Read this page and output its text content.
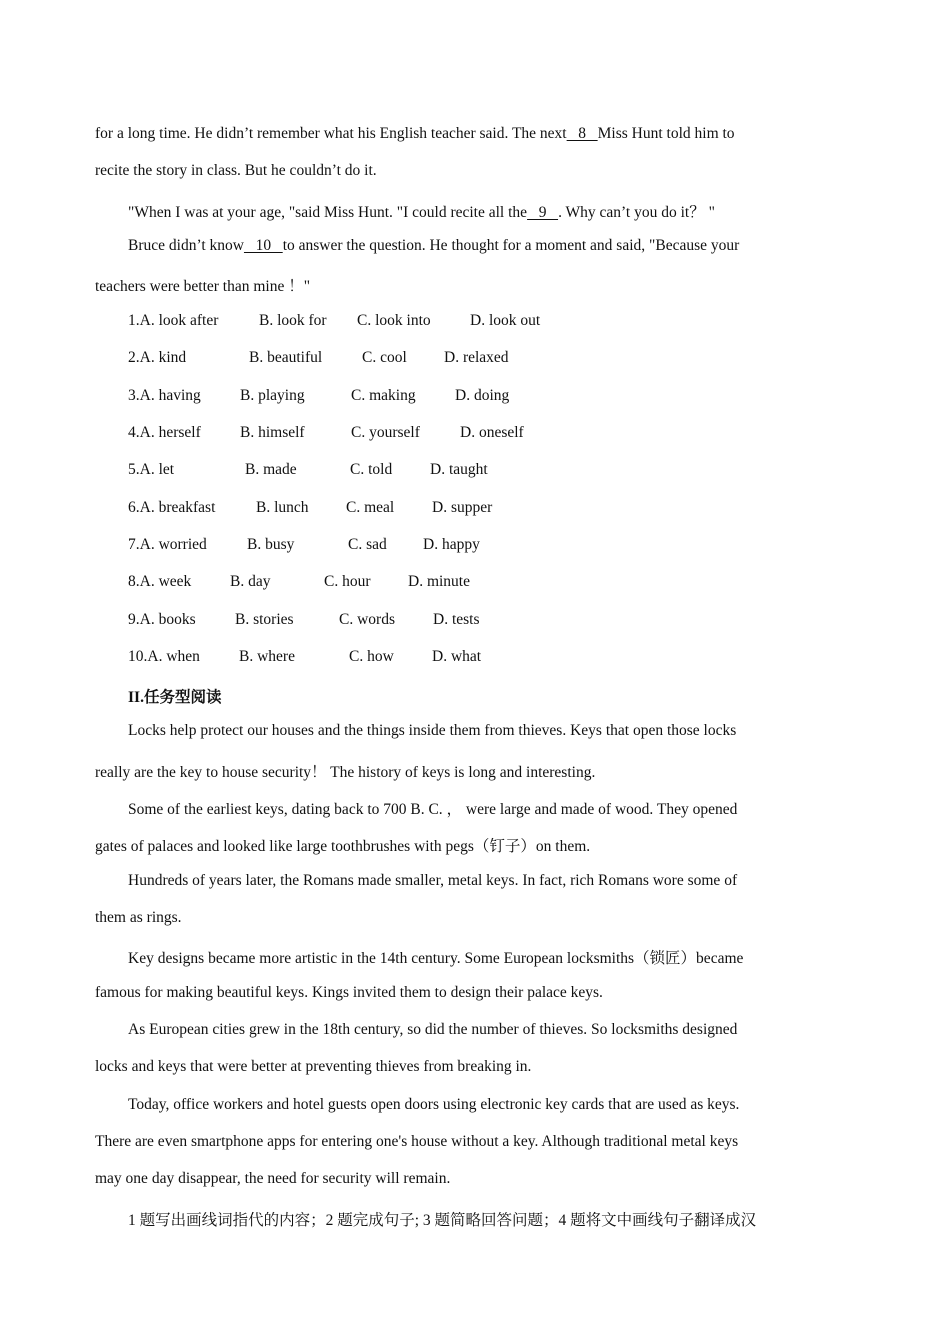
for a long time. He didn’t remember what his English teacher said. The next   8   Miss Hunt told him to
recite the story in class. But he couldn’t do it.
"When I was at your age, "said Miss Hunt. "I could recite all the   9   . Why can’t you do it？ "
Bruce didn’t know   10   to answer the question. He thought for a moment and said, "Because your
teachers were better than mine ！"
1.A. look after	B. look for C. look into	D. look out
2.A. kind	B. beautiful	C. cool D. relaxed
3.A. having	B. playing	C. making	D. doing
4.A. herself	B. himself	C. yourself	D. oneself
5.A. let	B. made	C. told D. taught
6.A. breakfast	B. lunch C. meal D. supper
7.A. worried	B. busy	C. sad D. happy
8.A. week B. day	C. hour D. minute
9.A. books	B. stories	C. words D. tests
10.A. when	B. where	C. how D. what
II.任务型阅读
Locks help protect our houses and the things inside them from thieves. Keys that open those locks
really are the key to house security！ The history of keys is long and interesting.
Some of the earliest keys, dating back to 700 B. C. ， were large and made of wood. They opened
gates of palaces and looked like large toothbrushes with pegs（钉子）on them.
Hundreds of years later, the Romans made smaller, metal keys. In fact, rich Romans wore some of
them as rings.
Key designs became more artistic in the 14th century. Some European locksmiths（锁匠）became
famous for making beautiful keys. Kings invited them to design their palace keys.
As European cities grew in the 18th century, so did the number of thieves. So locksmiths designed
locks and keys that were better at preventing thieves from breaking in.
Today, office workers and hotel guests open doors using electronic key cards that are used as keys.
There are even smartphone apps for entering one's house without a key. Although traditional metal keys
may one day disappear, the need for security will remain.
1 题写出画线词指代的内容；2 题完成句子; 3 题简略回答问题；4 题将文中画线句子翻译成汉
